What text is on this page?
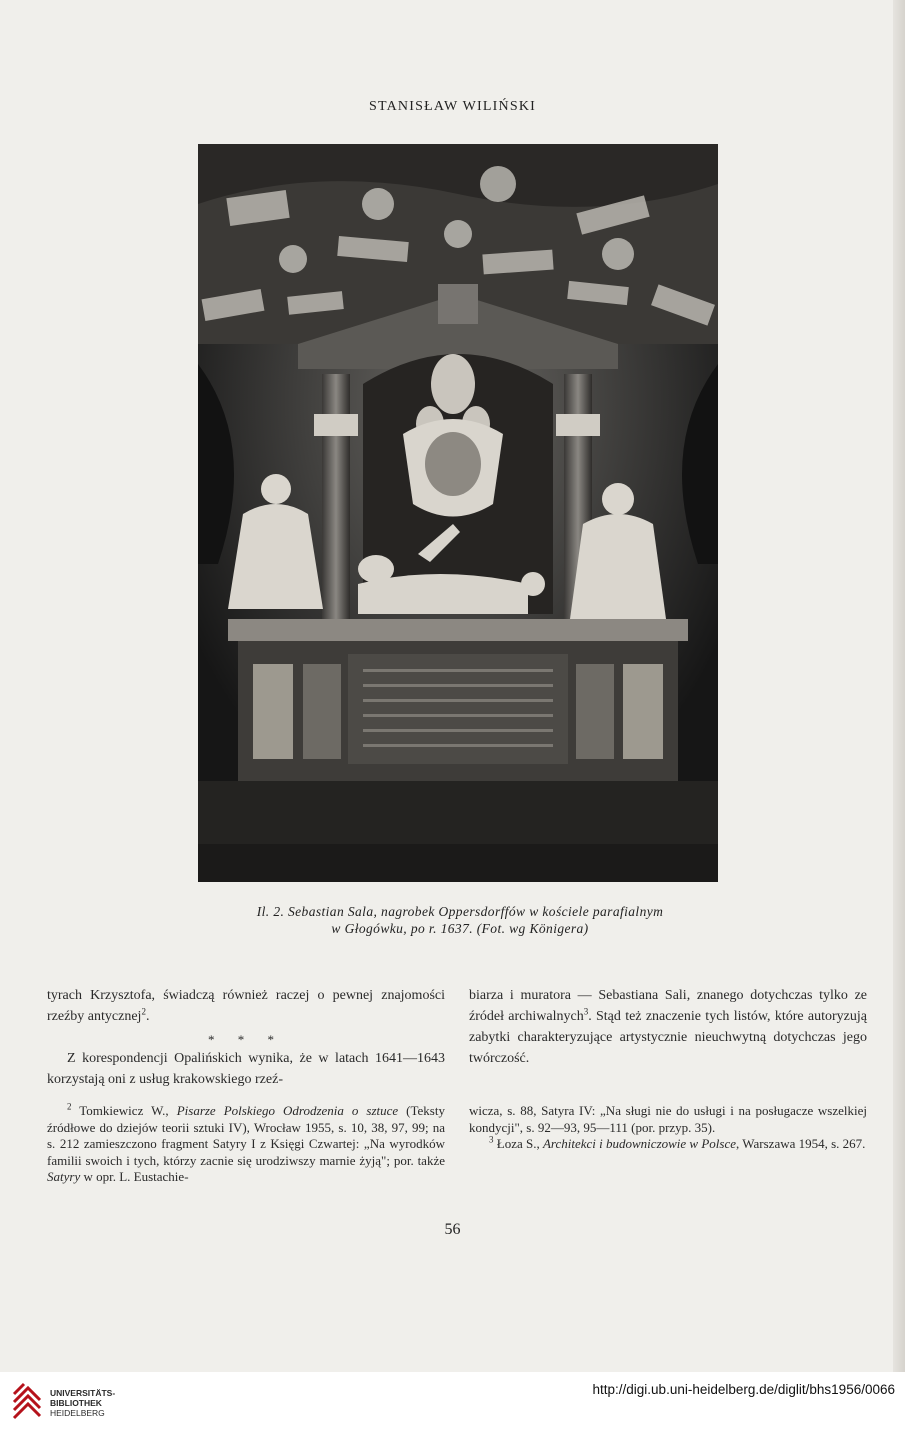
STANISŁAW WILIŃSKI
Il. 2. Sebastian Sala, nagrobek Oppersdorffów w kościele parafialnym
w Głogówku, po r. 1637. (Fot. wg Königera)

tyrach Krzysztofa, świadczą również raczej o pewnej znajomości rzeźby antycznej$^2$.

* * *

Z korespondencji Opalińskich wynika, że w latach 1641—1643 korzystają oni z usług krakowskiego rzeź-

biarza i muratora — Sebastiana Sali, znanego dotychczas tylko ze źródeł archiwalnych$^3$. Stąd też znaczenie tych listów, które autoryzują zabytki charakteryzujące artystycznie nieuchwytną dotychczas jego twórczość.

$^2$ Tomkiewicz W., Pisarze Polskiego Odrodzenia o sztuce (Teksty źródłowe do dziejów teorii sztuki IV), Wrocław 1955, s. 10, 38, 97, 99; na s. 212 zamieszczono fragment Satyry I z Księgi Czwartej: „Na wyrodków familii swoich i tych, którzy zacnie się urodziwszy marnie żyją"; por. także Satyry w opr. L. Eustachie-

wicza, s. 88, Satyra IV: „Na sługi nie do usługi i na posługacze wszelkiej kondycji", s. 92—93, 95—111 (por. przyp. 35).

$^3$ Łoza S., Architekci i budowniczowie w Polsce, Warszawa 1954, s. 267.

56
UNIVERSITÄTS-
BIBLIOTHEK
HEIDELBERG
http://digi.ub.uni-heidelberg.de/diglit/bhs1956/0066
